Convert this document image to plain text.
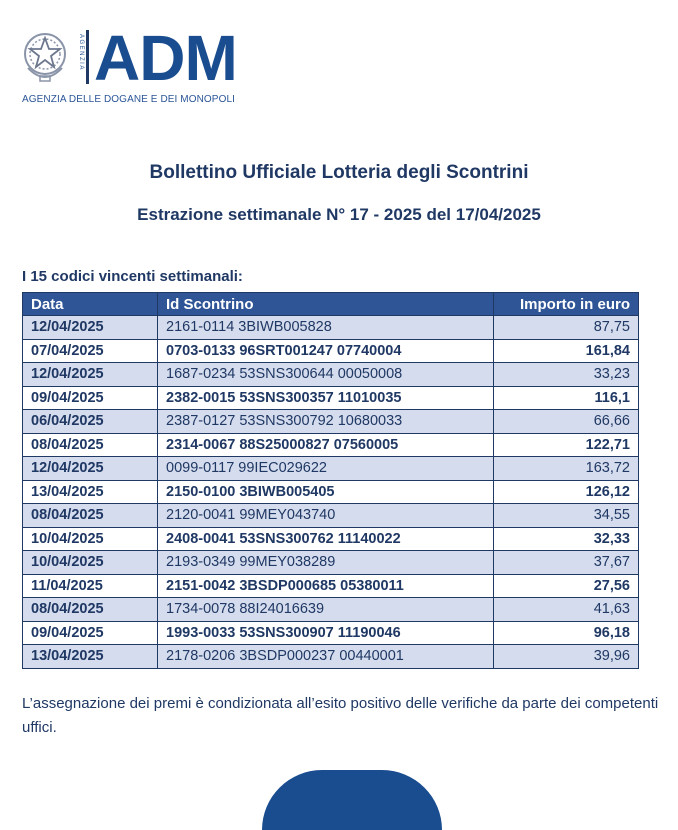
AGENZIA ADM
AGENZIA DELLE DOGANE E DEI MONOPOLI
Bollettino Ufficiale Lotteria degli Scontrini
Estrazione settimanale N° 17 - 2025 del 17/04/2025
I 15 codici vincenti settimanali:
Data	Id Scontrino	Importo in euro
12/04/2025	2161-0114 3BIWB005828	87,75
07/04/2025	0703-0133 96SRT001247 07740004	161,84
12/04/2025	1687-0234 53SNS300644 00050008	33,23
09/04/2025	2382-0015 53SNS300357 11010035	116,1
06/04/2025	2387-0127 53SNS300792 10680033	66,66
08/04/2025	2314-0067 88S25000827 07560005	122,71
12/04/2025	0099-0117 99IEC029622	163,72
13/04/2025	2150-0100 3BIWB005405	126,12
08/04/2025	2120-0041 99MEY043740	34,55
10/04/2025	2408-0041 53SNS300762 11140022	32,33
10/04/2025	2193-0349 99MEY038289	37,67
11/04/2025	2151-0042 3BSDP000685 05380011	27,56
08/04/2025	1734-0078 88I24016639	41,63
09/04/2025	1993-0033 53SNS300907 11190046	96,18
13/04/2025	2178-0206 3BSDP000237 00440001	39,96
L’assegnazione dei premi è condizionata all’esito positivo delle verifiche da parte dei competenti uffici.
